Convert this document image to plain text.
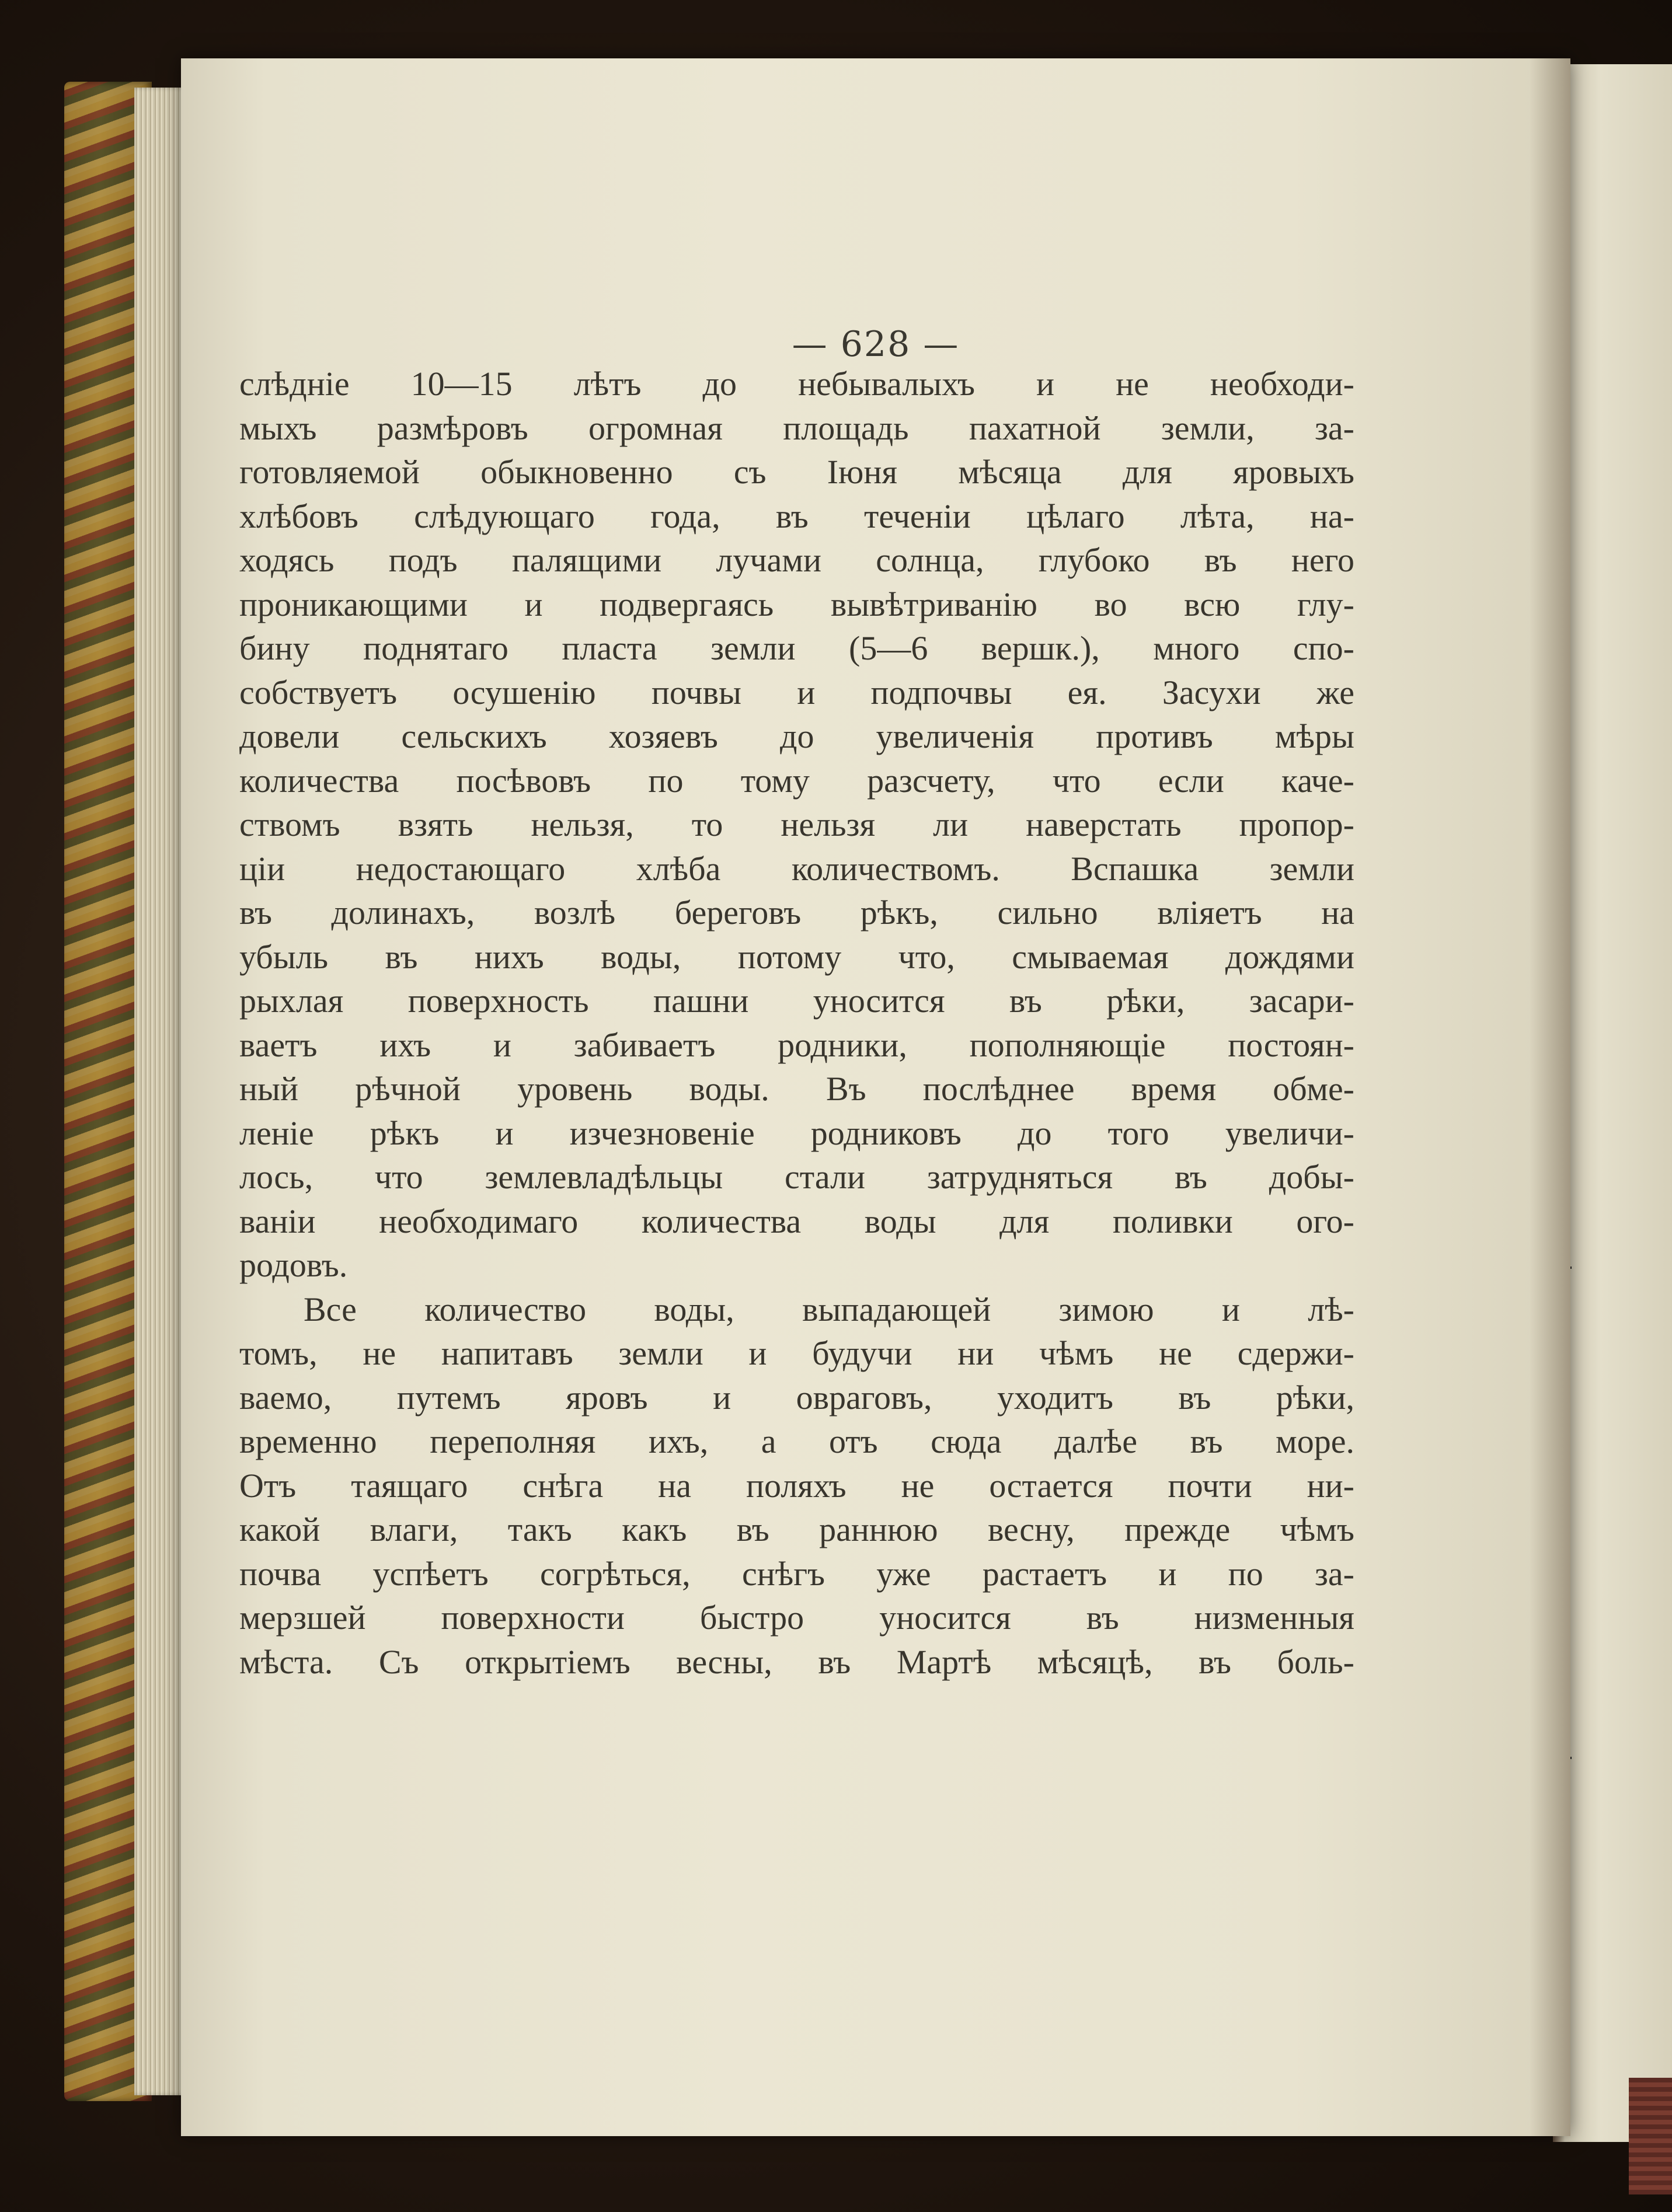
— 628 —
слѣдніе 10—15 лѣтъ до небывалыхъ и не необходи-
мыхъ размѣровъ огромная площадь пахатной земли, за-
готовляемой обыкновенно съ Іюня мѣсяца для яровыхъ
хлѣбовъ слѣдующаго года, въ теченіи цѣлаго лѣта, на-
ходясь подъ палящими лучами солнца, глубоко въ него
проникающими и подвергаясь вывѣтриванію во всю глу-
бину поднятаго пласта земли (5—6 вершк.), много спо-
собствуетъ осушенію почвы и подпочвы ея. Засухи же
довели сельскихъ хозяевъ до увеличенія противъ мѣры
количества посѣвовъ по тому разсчету, что если каче-
ствомъ взять нельзя, то нельзя ли наверстать пропор-
ціи недостающаго хлѣба количествомъ. Вспашка земли
въ долинахъ, возлѣ береговъ рѣкъ, сильно вліяетъ на
убыль въ нихъ воды, потому что, смываемая дождями
рыхлая поверхность пашни уносится въ рѣки, засари-
ваетъ ихъ и забиваетъ родники, пополняющіе постоян-
ный рѣчной уровень воды. Въ послѣднее время обме-
леніе рѣкъ и изчезновеніе родниковъ до того увеличи-
лось, что землевладѣльцы стали затрудняться въ добы-
ваніи необходимаго количества воды для поливки ого-
родовъ.
Все количество воды, выпадающей зимою и лѣ-
томъ, не напитавъ земли и будучи ни чѣмъ не сдержи-
ваемо, путемъ яровъ и овраговъ, уходитъ въ рѣки,
временно переполняя ихъ, а отъ сюда далѣе въ море.
Отъ таящаго снѣга на поляхъ не остается почти ни-
какой влаги, такъ какъ въ раннюю весну, прежде чѣмъ
почва успѣетъ согрѣться, снѣгъ уже растаетъ и по за-
мерзшей поверхности быстро уносится въ низменныя
мѣста. Съ открытіемъ весны, въ Мартѣ мѣсяцѣ, въ боль-
